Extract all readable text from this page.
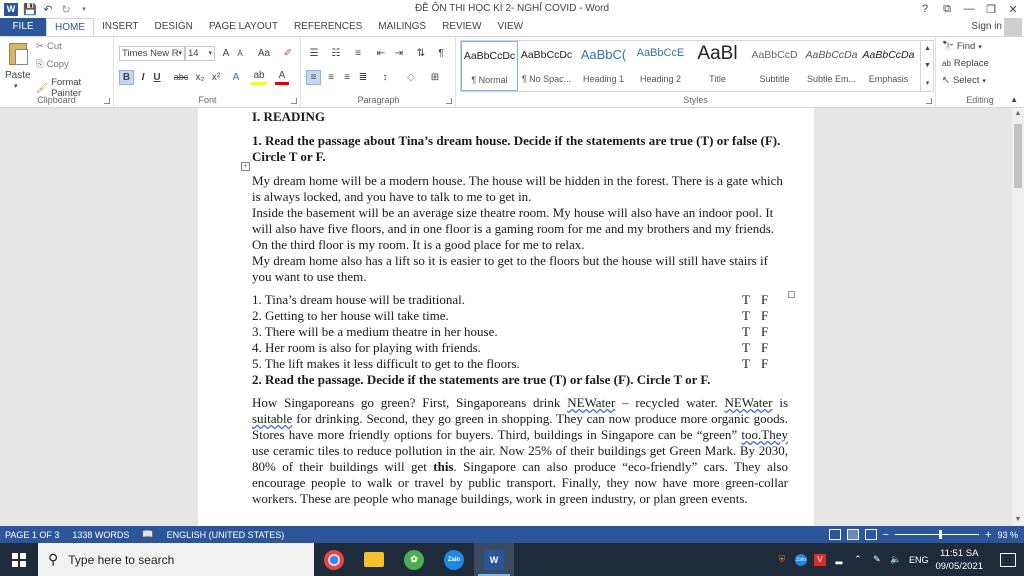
W 💾 ↶ ↻	▾	ĐỀ ÔN THI HỌC KÌ 2- NGHỈ COVID - Word	?	⧉	—	❐	✕
FILE	HOME	INSERT	DESIGN	PAGE LAYOUT	REFERENCES	MAILINGS	REVIEW	VIEW	Sign in
Paste
▾
✂ Cut
⎘ Copy
🖌 Format Painter
Clipboard
Times New R ▾ 14 ▾ A	A	Aa	✐
B	I U	abc x₂ x²	A	ab	A
Font
☰	☷	≡	⇤ ⇥ ⇅	¶
≡	≡	≡ ≣	↕	◇	⊞
Paragraph
AaBbCcDc
¶ Normal
AaBbCcDc
¶ No Spac...
AaBbC(
Heading 1
AaBbCcE
Heading 2
AaBl
Title
AaBbCcD
Subtitle
AaBbCcDa
Subtle Em...
AaBbCcDa
Emphasis
▲
▼
▾
Styles
🔭 Find ▾
ab Replace
↖ Select ▾
Editing	▲
+
I. READING
1. Read the passage about Tina’s dream house. Decide if the statements are true (T) or false (F). Circle T or F.

My dream home will be a modern house. The house will be hidden in the forest. There is a gate which is always locked, and you have to talk to me to get in.

Inside the basement will be an average size theatre room. My house will also have an indoor pool. It will also have five floors, and in one floor is a gaming room for me and my brothers and my friends. On the third floor is my room. It is a good place for me to relax.

My dream home also has a lift so it is easier to get to the floors but the house will still have stairs if you want to use them.

1. Tina’s dream house will be traditional.	T F
2. Getting to her house will take time.	T F
3. There will be a medium theatre in her house.	T F
4. Her room is also for playing with friends.	T F
5. The lift makes it less difficult to get to the floors.	T F
2. Read the passage. Decide if the statements are true (T) or false (F). Circle T or F.
How Singaporeans go green? First, Singaporeans drink NEWater – recycled water. NEWater is suitable for drinking. Second, they go green in shopping. They can now produce more organic goods. Stores have more friendly options for buyers. Third, buildings in Singapore can be “green” too.They use ceramic tiles to reduce pollution in the air. Now 25% of their buildings get Green Mark. By 2030, 80% of their buildings will get this. Singapore can also produce “eco-friendly” cars. They also encourage people to walk or travel by public transport. Finally, they now have more green-collar workers. These are people who manage buildings, work in green industry, or plan green events.
▲
▼
PAGE 1 OF 3	1338 WORDS	📖	ENGLISH (UNITED STATES)	−	+ 93 %
⚲ Type here to search	✿	Zalo	W	⛨	Zalo	V	▂ ⌃ ✎ 🔈 ENG
11:51 SA
09/05/2021
